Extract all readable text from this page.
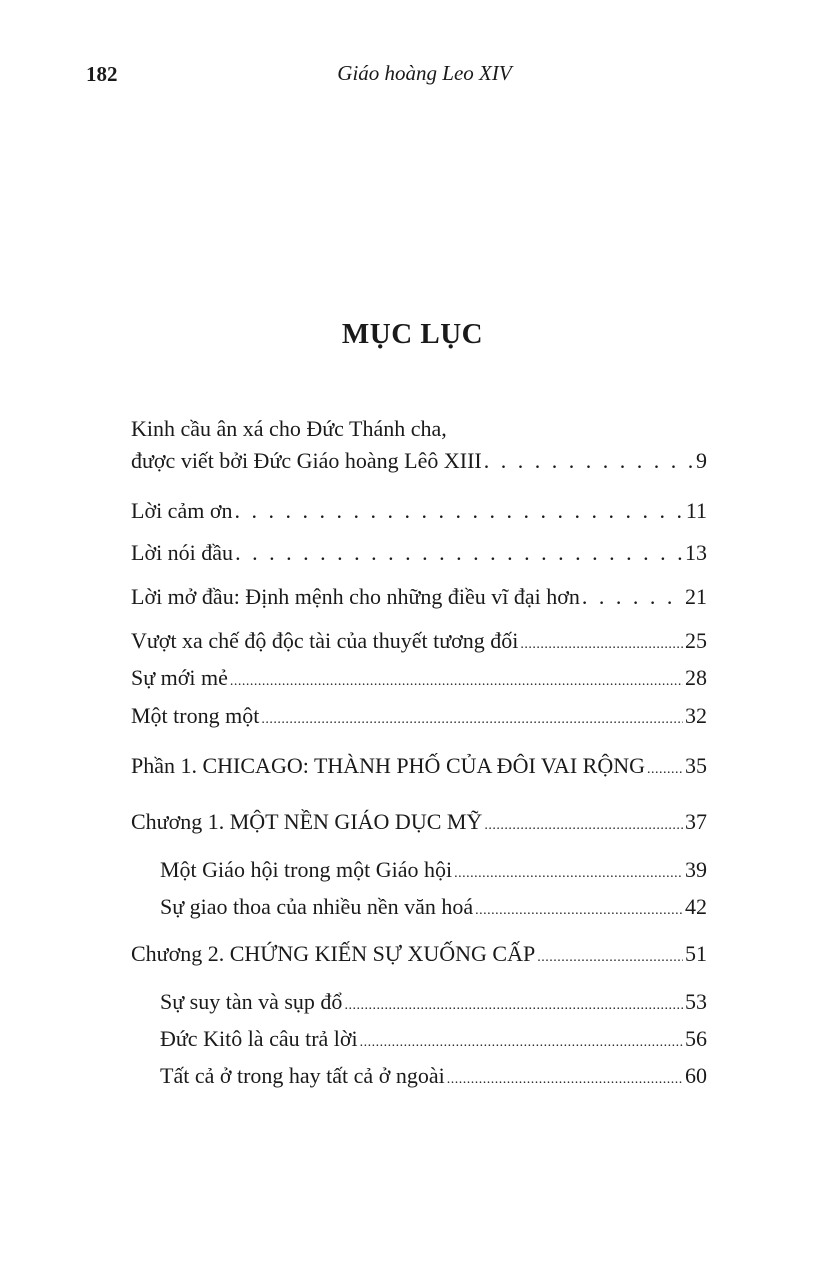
182	Giáo hoàng Leo XIV
MỤC LỤC
Kinh cầu ân xá cho Đức Thánh cha,
được viết bởi Đức Giáo hoàng Lêô XIII . . .	9
Lời cảm ơn . . .	11
Lời nói đầu . . .	13
Lời mở đầu: Định mệnh cho những điều vĩ đại hơn . . .	21
Vượt xa chế độ độc tài của thuyết tương đối .....	25
Sự mới mẻ .....	28
Một trong một .....	32
Phần 1. CHICAGO: THÀNH PHỐ CỦA ĐÔI VAI RỘNG ..... 35
Chương 1. MỘT NỀN GIÁO DỤC MỸ .....	37
Một Giáo hội trong một Giáo hội .....	39
Sự giao thoa của nhiều nền văn hoá .....	42
Chương 2. CHỨNG KIẾN SỰ XUỐNG CẤP .....	51
Sự suy tàn và sụp đổ .....	53
Đức Kitô là câu trả lời .....	56
Tất cả ở trong hay tất cả ở ngoài .....	60
